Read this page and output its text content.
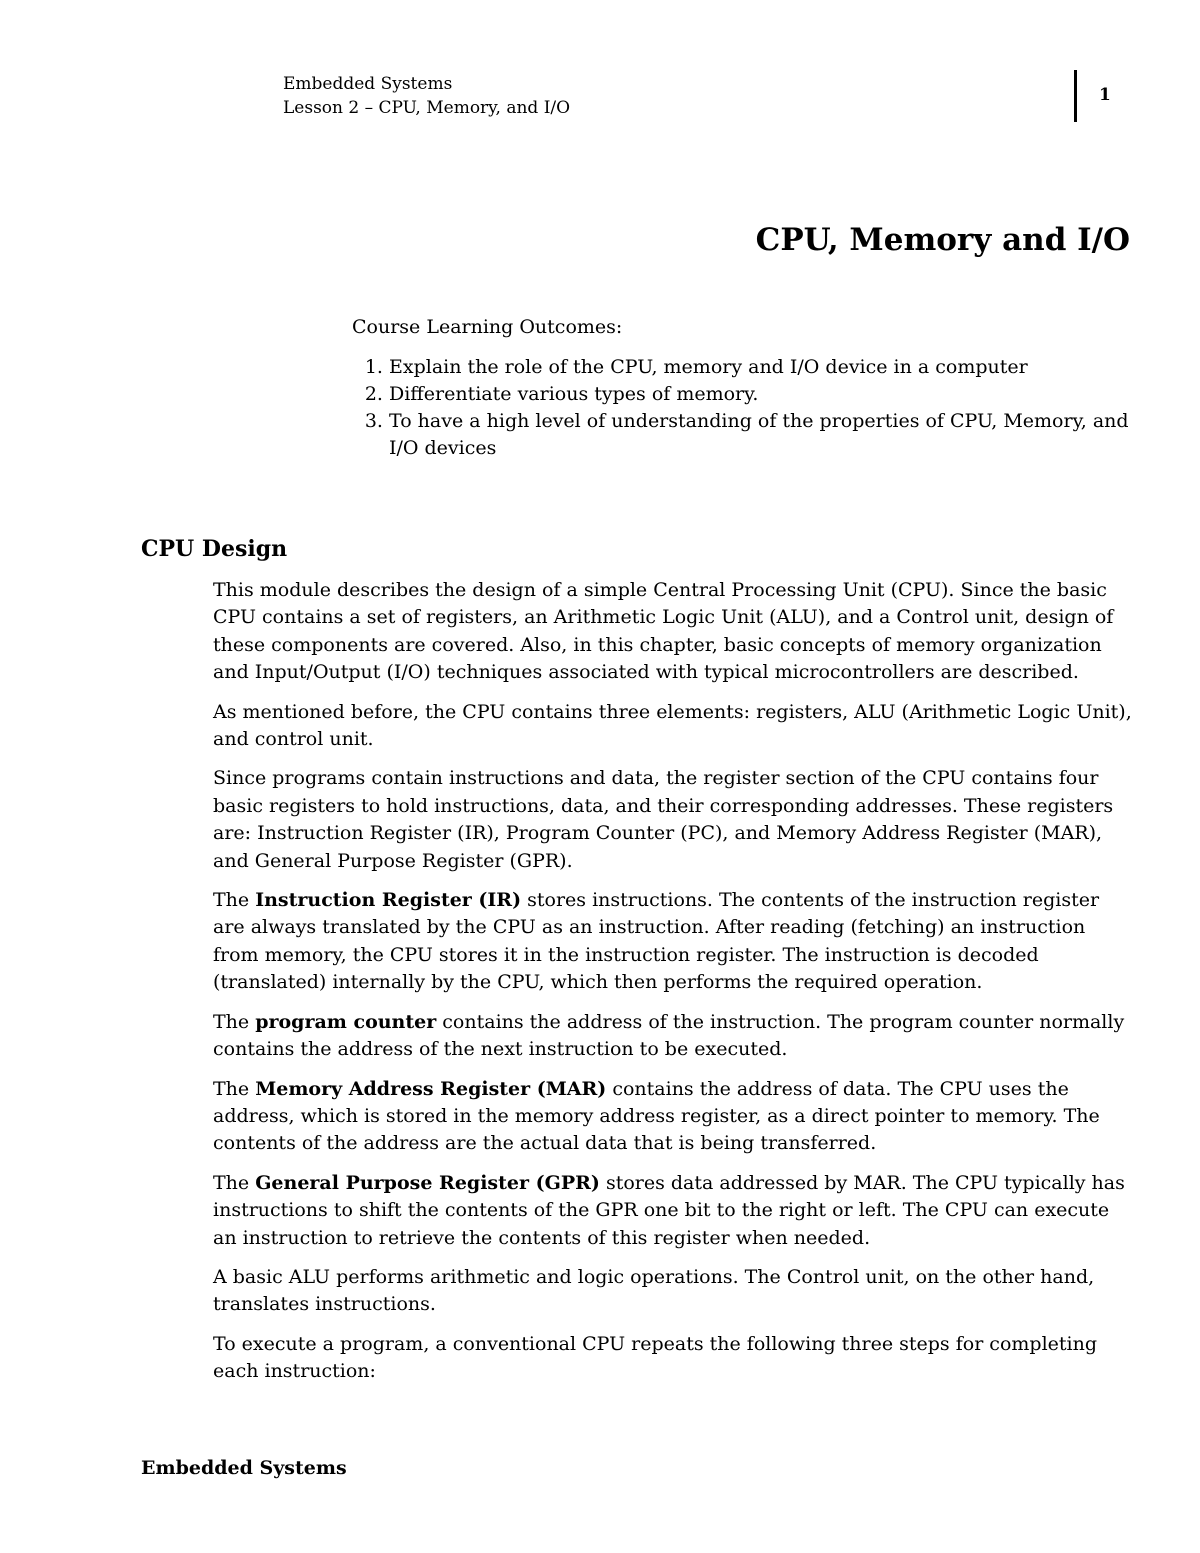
Embedded Systems
Lesson 2 – CPU, Memory, and I/O
1
CPU, Memory and I/O

Course Learning Outcomes:

1. Explain the role of the CPU, memory and I/O device in a computer
2. Differentiate various types of memory.
3. To have a high level of understanding of the properties of CPU, Memory, and I/O devices
CPU Design

This module describes the design of a simple Central Processing Unit (CPU). Since the basic CPU contains a set of registers, an Arithmetic Logic Unit (ALU), and a Control unit, design of these components are covered. Also, in this chapter, basic concepts of memory organization and Input/Output (I/O) techniques associated with typical microcontrollers are described.

As mentioned before, the CPU contains three elements: registers, ALU (Arithmetic Logic Unit), and control unit.

Since programs contain instructions and data, the register section of the CPU contains four basic registers to hold instructions, data, and their corresponding addresses. These registers are: Instruction Register (IR), Program Counter (PC), and Memory Address Register (MAR), and General Purpose Register (GPR).

The Instruction Register (IR) stores instructions. The contents of the instruction register are always translated by the CPU as an instruction. After reading (fetching) an instruction from memory, the CPU stores it in the instruction register. The instruction is decoded (translated) internally by the CPU, which then performs the required operation.

The program counter contains the address of the instruction. The program counter normally contains the address of the next instruction to be executed.

The Memory Address Register (MAR) contains the address of data. The CPU uses the address, which is stored in the memory address register, as a direct pointer to memory. The contents of the address are the actual data that is being transferred.

The General Purpose Register (GPR) stores data addressed by MAR. The CPU typically has instructions to shift the contents of the GPR one bit to the right or left. The CPU can execute an instruction to retrieve the contents of this register when needed.

A basic ALU performs arithmetic and logic operations. The Control unit, on the other hand, translates instructions.

To execute a program, a conventional CPU repeats the following three steps for completing each instruction:

Embedded Systems
